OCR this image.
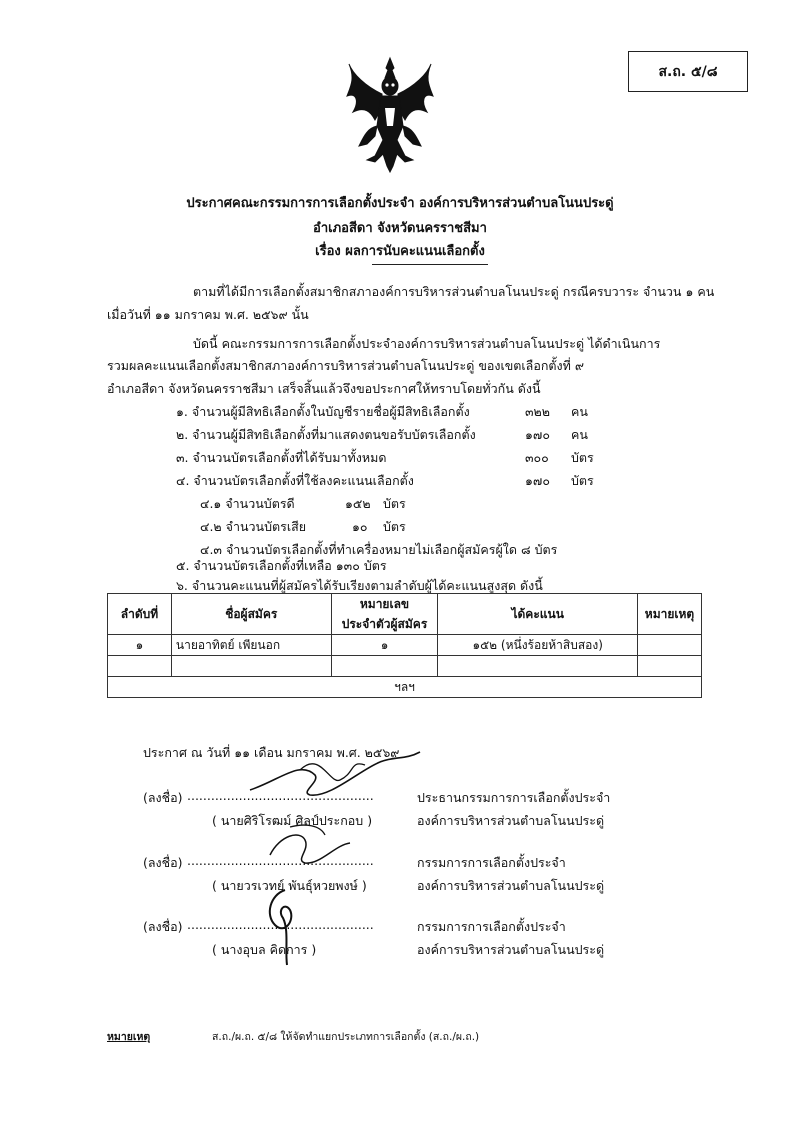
ส.ถ. ๕/๘
ประกาศคณะกรรมการการเลือกตั้งประจำ องค์การบริหารส่วนตำบลโนนประดู่
อำเภอสีดา จังหวัดนครราชสีมา
เรื่อง ผลการนับคะแนนเลือกตั้ง
ตามที่ได้มีการเลือกตั้งสมาชิกสภาองค์การบริหารส่วนตำบลโนนประดู่ กรณีครบวาระ จำนวน ๑ คน
เมื่อวันที่ ๑๑ มกราคม พ.ศ. ๒๕๖๙ นั้น
บัดนี้ คณะกรรมการการเลือกตั้งประจำองค์การบริหารส่วนตำบลโนนประดู่ ได้ดำเนินการ
รวมผลคะแนนเลือกตั้งสมาชิกสภาองค์การบริหารส่วนตำบลโนนประดู่ ของเขตเลือกตั้งที่ ๙
อำเภอสีดา จังหวัดนครราชสีมา เสร็จสิ้นแล้วจึงขอประกาศให้ทราบโดยทั่วกัน ดังนี้
๑. จำนวนผู้มีสิทธิเลือกตั้งในบัญชีรายชื่อผู้มีสิทธิเลือกตั้ง	๓๒๒ คน
๒. จำนวนผู้มีสิทธิเลือกตั้งที่มาแสดงตนขอรับบัตรเลือกตั้ง	๑๗๐ คน
๓. จำนวนบัตรเลือกตั้งที่ได้รับมาทั้งหมด	๓๐๐ บัตร
๔. จำนวนบัตรเลือกตั้งที่ใช้ลงคะแนนเลือกตั้ง	๑๗๐ บัตร
๔.๑ จำนวนบัตรดี	๑๕๒ บัตร
๔.๒ จำนวนบัตรเสีย	๑๐ บัตร
๔.๓ จำนวนบัตรเลือกตั้งที่ทำเครื่องหมายไม่เลือกผู้สมัครผู้ใด ๘ บัตร
๕. จำนวนบัตรเลือกตั้งที่เหลือ ๑๓๐ บัตร
๖. จำนวนคะแนนที่ผู้สมัครได้รับเรียงตามลำดับผู้ได้คะแนนสูงสุด ดังนี้
ลำดับที่	ชื่อผู้สมัคร	หมายเลข
ประจำตัวผู้สมัคร	ได้คะแนน	หมายเหตุ
๑	นายอาทิตย์ เพียนอก	๑	๑๕๒ (หนึ่งร้อยห้าสิบสอง)	

ฯลฯ				
ประกาศ ณ วันที่ ๑๑ เดือน มกราคม พ.ศ. ๒๕๖๙
(ลงชื่อ) ...............................................	ประธานกรรมการการเลือกตั้งประจำ
( นายศิริโรฒม์ ศิลป์ประกอบ )	องค์การบริหารส่วนตำบลโนนประดู่
(ลงชื่อ) ...............................................	กรรมการการเลือกตั้งประจำ
( นายวรเวทย์ พันธุ์หวยพงษ์ )	องค์การบริหารส่วนตำบลโนนประดู่
(ลงชื่อ) ...............................................	กรรมการการเลือกตั้งประจำ
( นางอุบล คิดการ )	องค์การบริหารส่วนตำบลโนนประดู่
หมายเหตุ	ส.ถ./ผ.ถ. ๕/๘ ให้จัดทำแยกประเภทการเลือกตั้ง (ส.ถ./ผ.ถ.)
